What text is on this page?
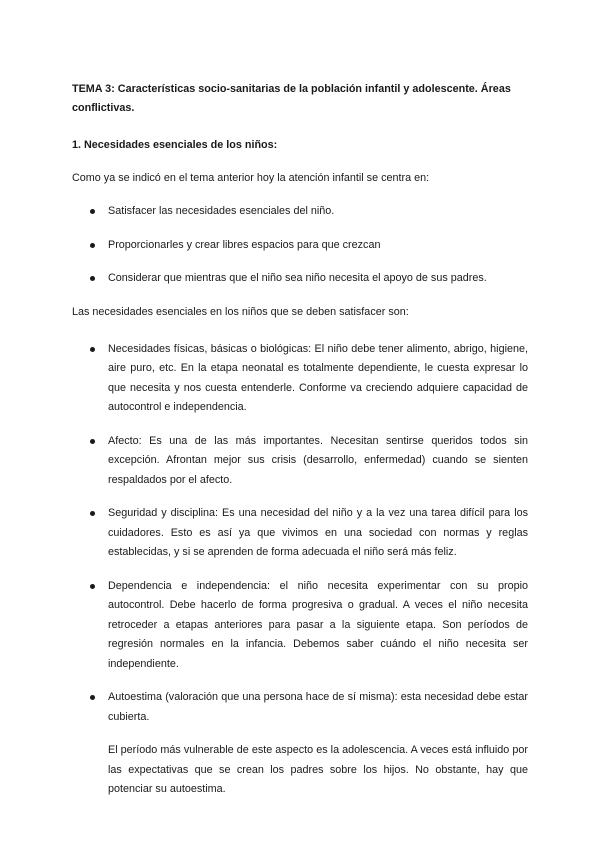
TEMA 3: Características socio-sanitarias de la población infantil y adolescente. Áreas conflictivas.
1. Necesidades esenciales de los niños:

Como ya se indicó en el tema anterior hoy la atención infantil se centra en:

Satisfacer las necesidades esenciales del niño.
Proporcionarles y crear libres espacios para que crezcan
Considerar que mientras que el niño sea niño necesita el apoyo de sus padres.

Las necesidades esenciales en los niños que se deben satisfacer son:

Necesidades físicas, básicas o biológicas: El niño debe tener alimento, abrigo, higiene, aire puro, etc. En la etapa neonatal es totalmente dependiente, le cuesta expresar lo que necesita y nos cuesta entenderle. Conforme va creciendo adquiere capacidad de autocontrol e independencia.
Afecto: Es una de las más importantes. Necesitan sentirse queridos todos sin excepción. Afrontan mejor sus crisis (desarrollo, enfermedad) cuando se sienten respaldados por el afecto.
Seguridad y disciplina: Es una necesidad del niño y a la vez una tarea difícil para los cuidadores. Esto es así ya que vivimos en una sociedad con normas y reglas establecidas, y si se aprenden de forma adecuada el niño será más feliz.
Dependencia e independencia: el niño necesita experimentar con su propio autocontrol. Debe hacerlo de forma progresiva o gradual. A veces el niño necesita retroceder a etapas anteriores para pasar a la siguiente etapa. Son períodos de regresión normales en la infancia. Debemos saber cuándo el niño necesita ser independiente.
Autoestima (valoración que una persona hace de sí misma): esta necesidad debe estar cubierta.

El período más vulnerable de este aspecto es la adolescencia. A veces está influido por las expectativas que se crean los padres sobre los hijos. No obstante, hay que potenciar su autoestima.
